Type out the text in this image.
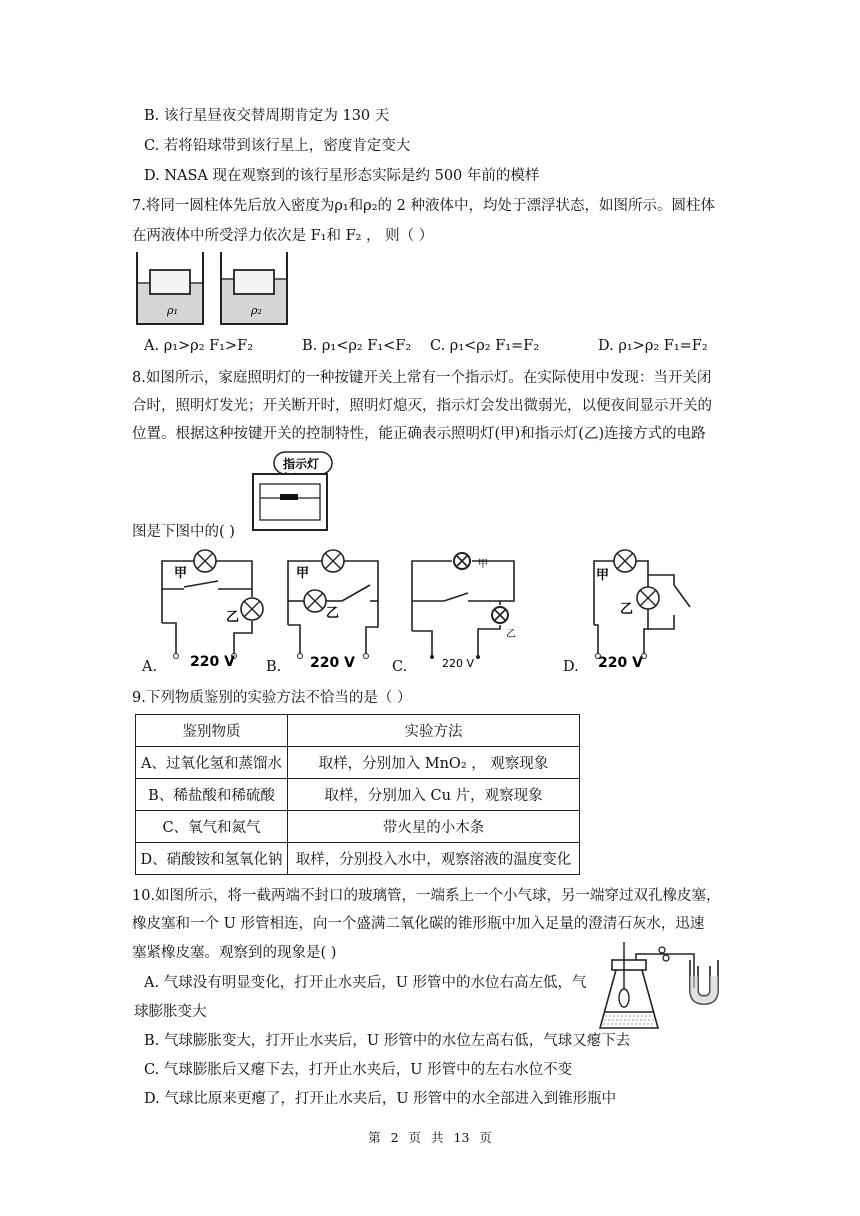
B. 该行星昼夜交替周期肯定为 130 天
C. 若将铅球带到该行星上，密度肯定变大
D. NASA 现在观察到的该行星形态实际是约 500 年前的模样
7.将同一圆柱体先后放入密度为ρ₁和ρ₂的 2 种液体中，均处于漂浮状态，如图所示。圆柱体
在两液体中所受浮力依次是 F₁和 F₂ ， 则（ ）
ρ₁	ρ₂
A. ρ₁>ρ₂ F₁>F₂	B. ρ₁<ρ₂ F₁<F₂ C. ρ₁<ρ₂ F₁=F₂	D. ρ₁>ρ₂ F₁=F₂
8.如图所示，家庭照明灯的一种按键开关上常有一个指示灯。在实际使用中发现：当开关闭
合时，照明灯发光；开关断开时，照明灯熄灭，指示灯会发出微弱光，以便夜间显示开关的
位置。根据这种按键开关的控制特性，能正确表示照明灯(甲)和指示灯(乙)连接方式的电路
指示灯
图是下图中的( )
甲
乙
220 V
A.
甲
乙
220 V
B.
甲
乙
220 V
C.
甲
乙
220 V
D.
9.下列物质鉴别的实验方法不恰当的是（ ）
鉴别物质	实验方法
A、过氧化氢和蒸馏水	取样，分别加入 MnO₂ ， 观察现象
B、稀盐酸和稀硫酸	取样，分别加入 Cu 片，观察现象
C、氧气和氮气	带火星的小木条
D、硝酸铵和氢氧化钠	取样，分别投入水中，观察溶液的温度变化
10.如图所示，将一截两端不封口的玻璃管，一端系上一个小气球，另一端穿过双孔橡皮塞，
橡皮塞和一个 U 形管相连，向一个盛满二氧化碳的锥形瓶中加入足量的澄清石灰水，迅速
塞紧橡皮塞。观察到的现象是( )
A. 气球没有明显变化，打开止水夹后，U 形管中的水位右高左低，气
球膨胀变大
B. 气球膨胀变大，打开止水夹后，U 形管中的水位左高右低，气球又瘪下去
C. 气球膨胀后又瘪下去，打开止水夹后，U 形管中的左右水位不变
D. 气球比原来更瘪了，打开止水夹后，U 形管中的水全部进入到锥形瓶中
第 2 页 共 13 页
